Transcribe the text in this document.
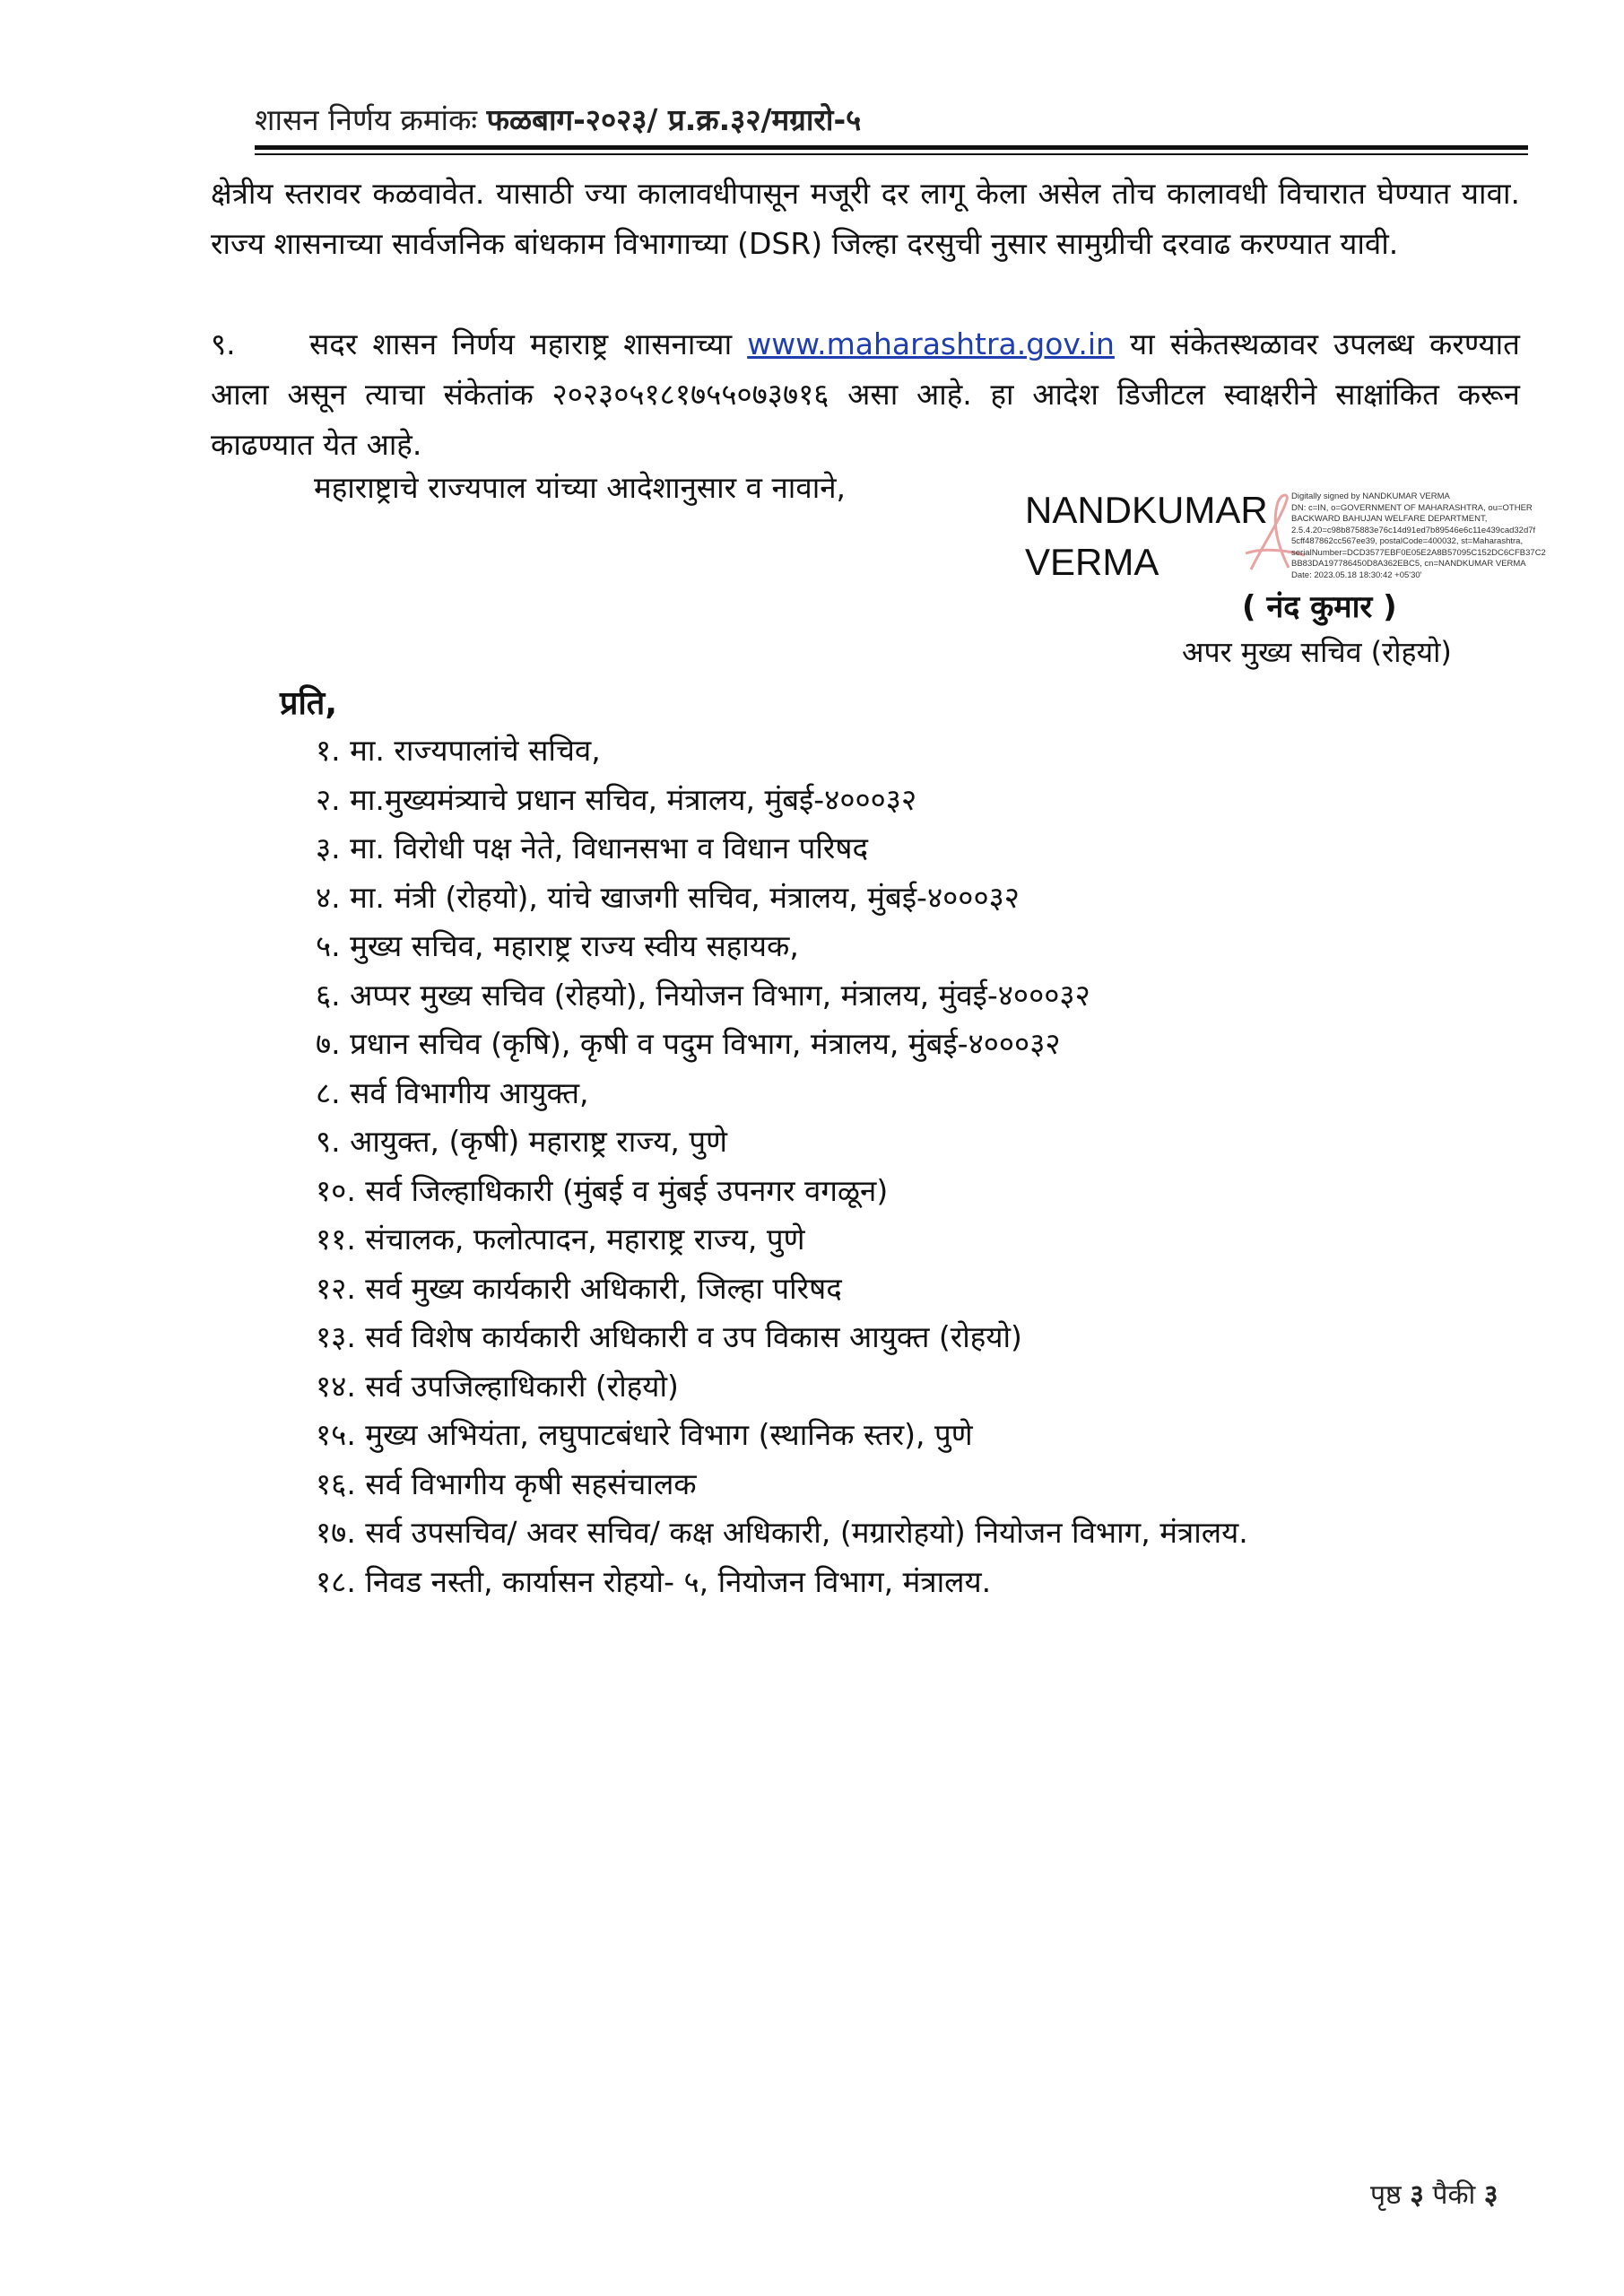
शासन निर्णय क्रमांकः फळबाग-२०२३/ प्र.क्र.३२/मग्रारो-५
क्षेत्रीय स्तरावर कळवावेत. यासाठी ज्या कालावधीपासून मजूरी दर लागू केला असेल तोच कालावधी विचारात घेण्यात यावा. राज्य शासनाच्या सार्वजनिक बांधकाम विभागाच्या (DSR) जिल्हा दरसुची नुसार सामुग्रीची दरवाढ करण्यात यावी.
९. सदर शासन निर्णय महाराष्ट्र शासनाच्या www.maharashtra.gov.in या संकेतस्थळावर उपलब्ध करण्यात आला असून त्याचा संकेतांक २०२३०५१८१७५५०७३७१६ असा आहे. हा आदेश डिजीटल स्वाक्षरीने साक्षांकित करून काढण्यात येत आहे.
महाराष्ट्राचे राज्यपाल यांच्या आदेशानुसार व नावाने,
NANDKUMAR
VERMA
Digitally signed by NANDKUMAR VERMA
DN: c=IN, o=GOVERNMENT OF MAHARASHTRA, ou=OTHER
BACKWARD BAHUJAN WELFARE DEPARTMENT,
2.5.4.20=c98b875883e76c14d91ed7b89546e6c11e439cad32d7f
5cff487862cc567ee39, postalCode=400032, st=Maharashtra,
serialNumber=DCD3577EBF0E05E2A8B57095C152DC6CFB37C2
BB83DA197786450D8A362EBC5, cn=NANDKUMAR VERMA
Date: 2023.05.18 18:30:42 +05'30'
( नंद कुमार )
अपर मुख्य सचिव (रोहयो)
प्रति,
१. मा. राज्यपालांचे सचिव,
२. मा.मुख्यमंत्र्याचे प्रधान सचिव, मंत्रालय, मुंबई-४०००३२
३. मा. विरोधी पक्ष नेते, विधानसभा व विधान परिषद
४. मा. मंत्री (रोहयो), यांचे खाजगी सचिव, मंत्रालय, मुंबई-४०००३२
५. मुख्य सचिव, महाराष्ट्र राज्य स्वीय सहायक,
६. अप्पर मुख्य सचिव (रोहयो), नियोजन विभाग, मंत्रालय, मुंवई-४०००३२
७. प्रधान सचिव (कृषि), कृषी व पदुम विभाग, मंत्रालय, मुंबई-४०००३२
८. सर्व विभागीय आयुक्त,
९. आयुक्त, (कृषी) महाराष्ट्र राज्य, पुणे
१०. सर्व जिल्हाधिकारी (मुंबई व मुंबई उपनगर वगळून)
११. संचालक, फलोत्पादन, महाराष्ट्र राज्य, पुणे
१२. सर्व मुख्य कार्यकारी अधिकारी, जिल्हा परिषद
१३. सर्व विशेष कार्यकारी अधिकारी व उप विकास आयुक्त (रोहयो)
१४. सर्व उपजिल्हाधिकारी (रोहयो)
१५. मुख्य अभियंता, लघुपाटबंधारे विभाग (स्थानिक स्तर), पुणे
१६. सर्व विभागीय कृषी सहसंचालक
१७. सर्व उपसचिव/ अवर सचिव/ कक्ष अधिकारी, (मग्रारोहयो) नियोजन विभाग, मंत्रालय.
१८. निवड नस्ती, कार्यासन रोहयो- ५, नियोजन विभाग, मंत्रालय.
पृष्ठ ३ पैकी ३
